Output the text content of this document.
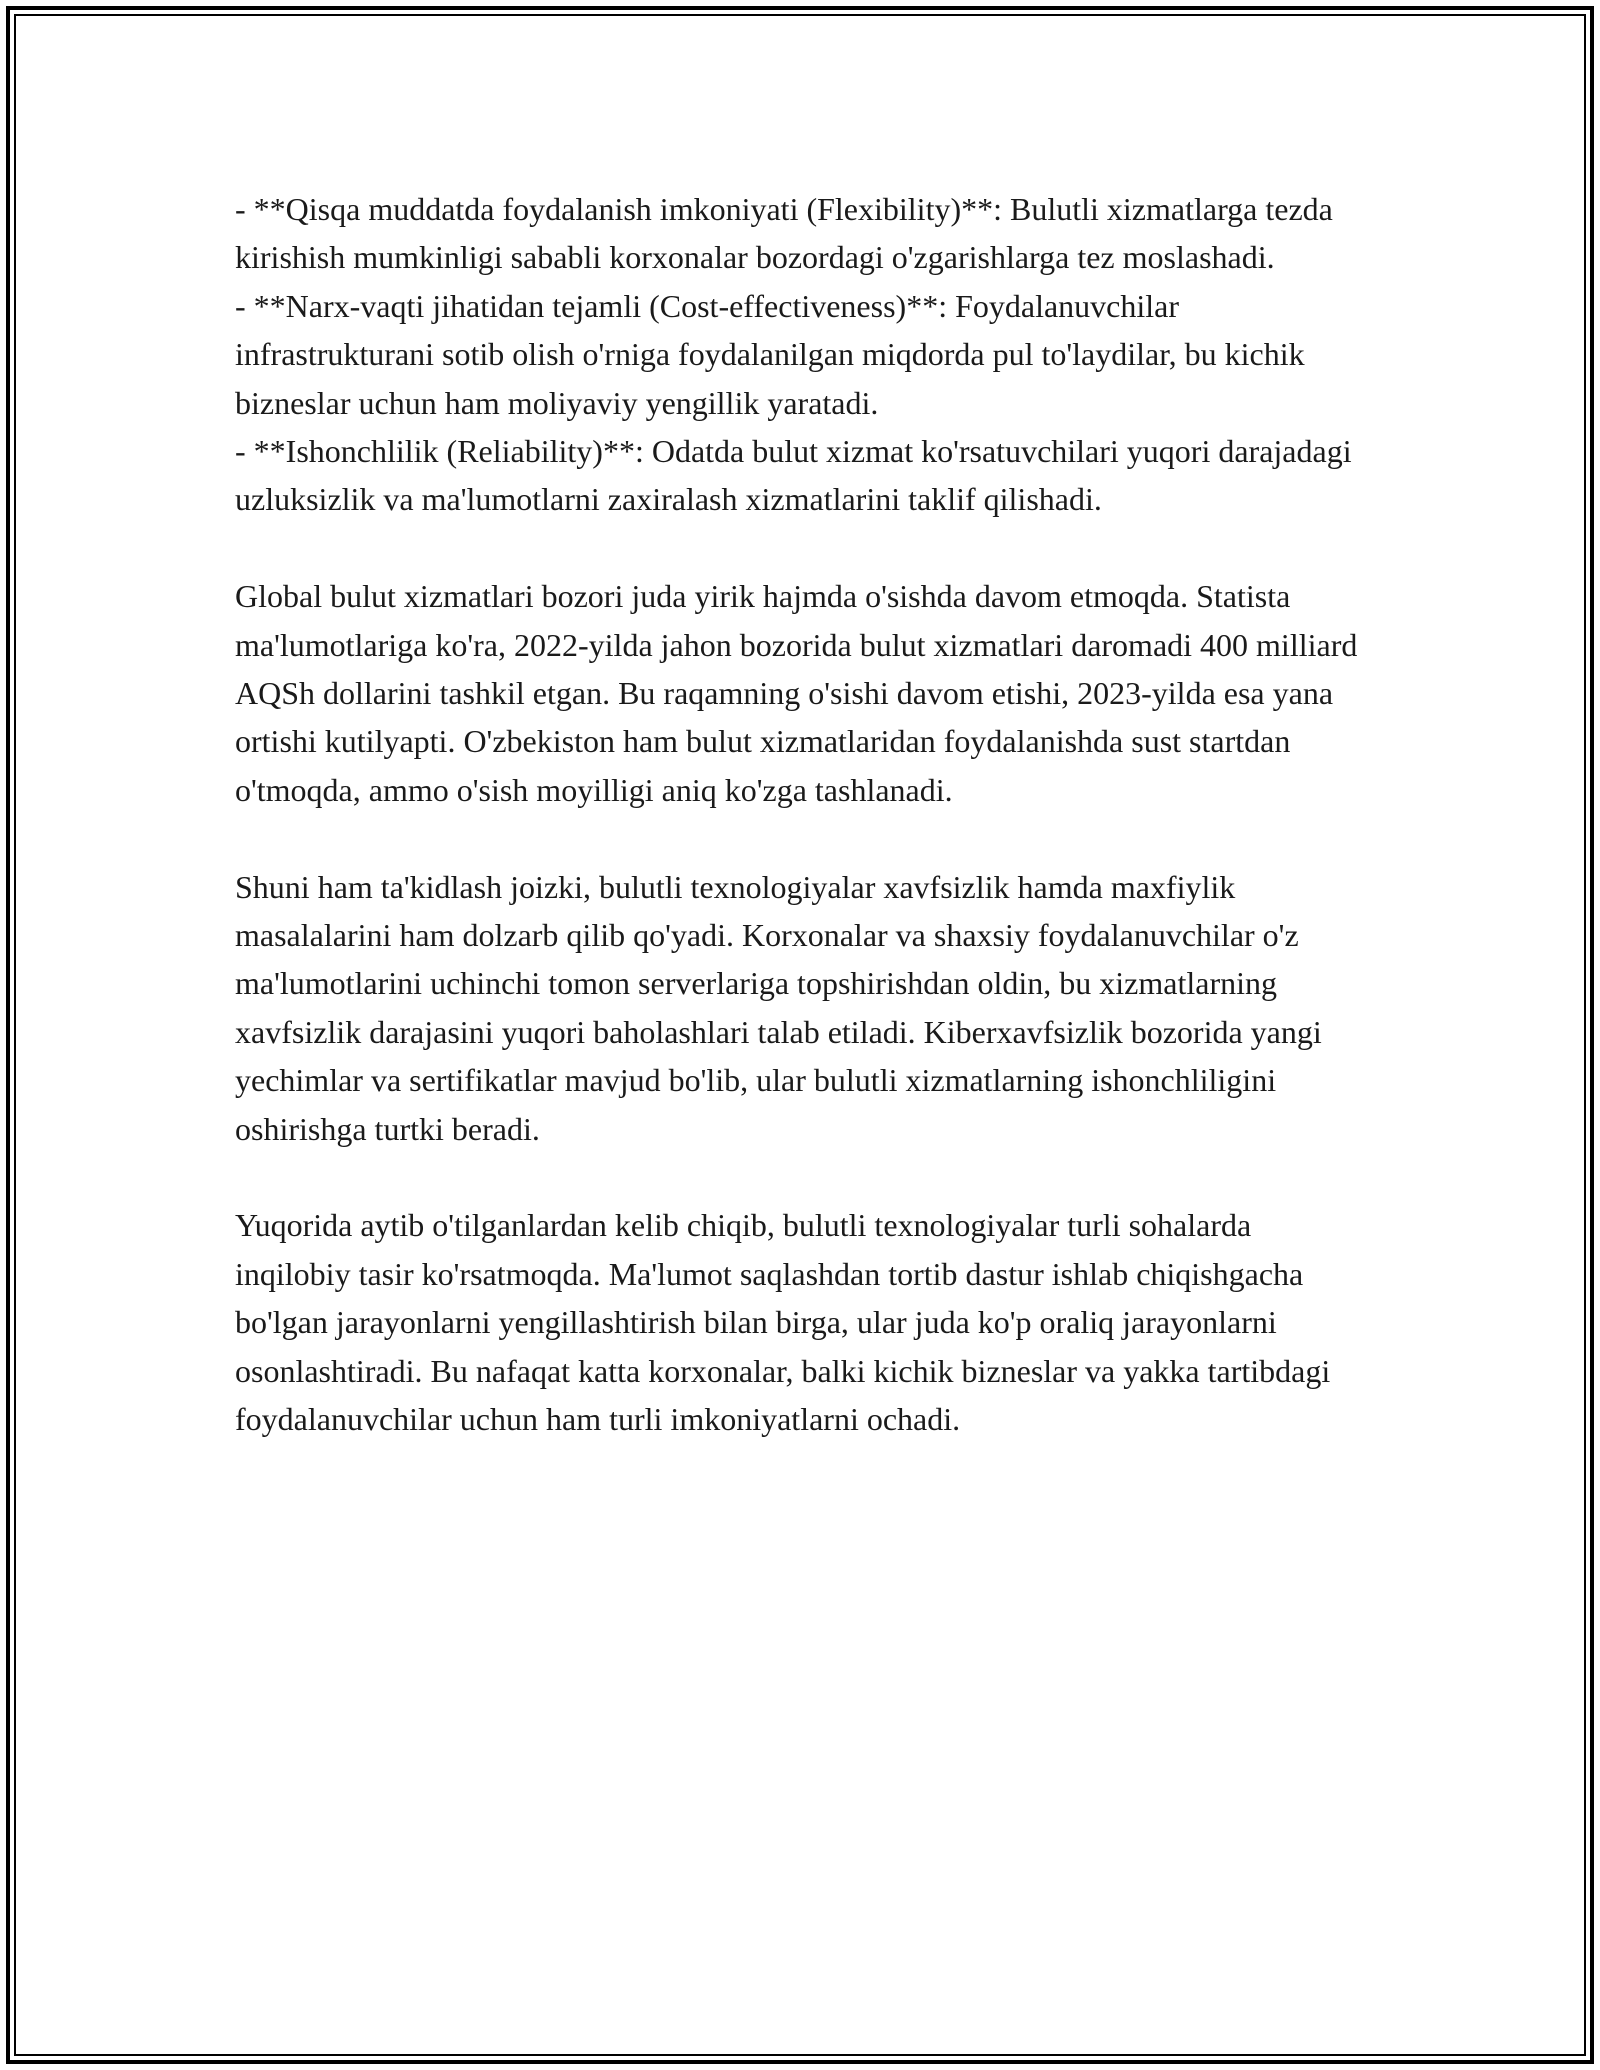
- **Qisqa muddatda foydalanish imkoniyati (Flexibility)**: Bulutli xizmatlarga tezda kirishish mumkinligi sababli korxonalar bozordagi o'zgarishlarga tez moslashadi.

- **Narx-vaqti jihatidan tejamli (Cost-effectiveness)**: Foydalanuvchilar infrastrukturani sotib olish o'rniga foydalanilgan miqdorda pul to'laydilar, bu kichik bizneslar uchun ham moliyaviy yengillik yaratadi.

- **Ishonchlilik (Reliability)**: Odatda bulut xizmat ko'rsatuvchilari yuqori darajadagi uzluksizlik va ma'lumotlarni zaxiralash xizmatlarini taklif qilishadi.

Global bulut xizmatlari bozori juda yirik hajmda o'sishda davom etmoqda. Statista ma'lumotlariga ko'ra, 2022-yilda jahon bozorida bulut xizmatlari daromadi 400 milliard AQSh dollarini tashkil etgan. Bu raqamning o'sishi davom etishi, 2023-yilda esa yana ortishi kutilyapti. O'zbekiston ham bulut xizmatlaridan foydalanishda sust startdan o'tmoqda, ammo o'sish moyilligi aniq ko'zga tashlanadi.

Shuni ham ta'kidlash joizki, bulutli texnologiyalar xavfsizlik hamda maxfiylik masalalarini ham dolzarb qilib qo'yadi. Korxonalar va shaxsiy foydalanuvchilar o'z ma'lumotlarini uchinchi tomon serverlariga topshirishdan oldin, bu xizmatlarning xavfsizlik darajasini yuqori baholashlari talab etiladi. Kiberxavfsizlik bozorida yangi yechimlar va sertifikatlar mavjud bo'lib, ular bulutli xizmatlarning ishonchliligini oshirishga turtki beradi.

Yuqorida aytib o'tilganlardan kelib chiqib, bulutli texnologiyalar turli sohalarda inqilobiy tasir ko'rsatmoqda. Ma'lumot saqlashdan tortib dastur ishlab chiqishgacha bo'lgan jarayonlarni yengillashtirish bilan birga, ular juda ko'p oraliq jarayonlarni osonlashtiradi. Bu nafaqat katta korxonalar, balki kichik bizneslar va yakka tartibdagi foydalanuvchilar uchun ham turli imkoniyatlarni ochadi.
